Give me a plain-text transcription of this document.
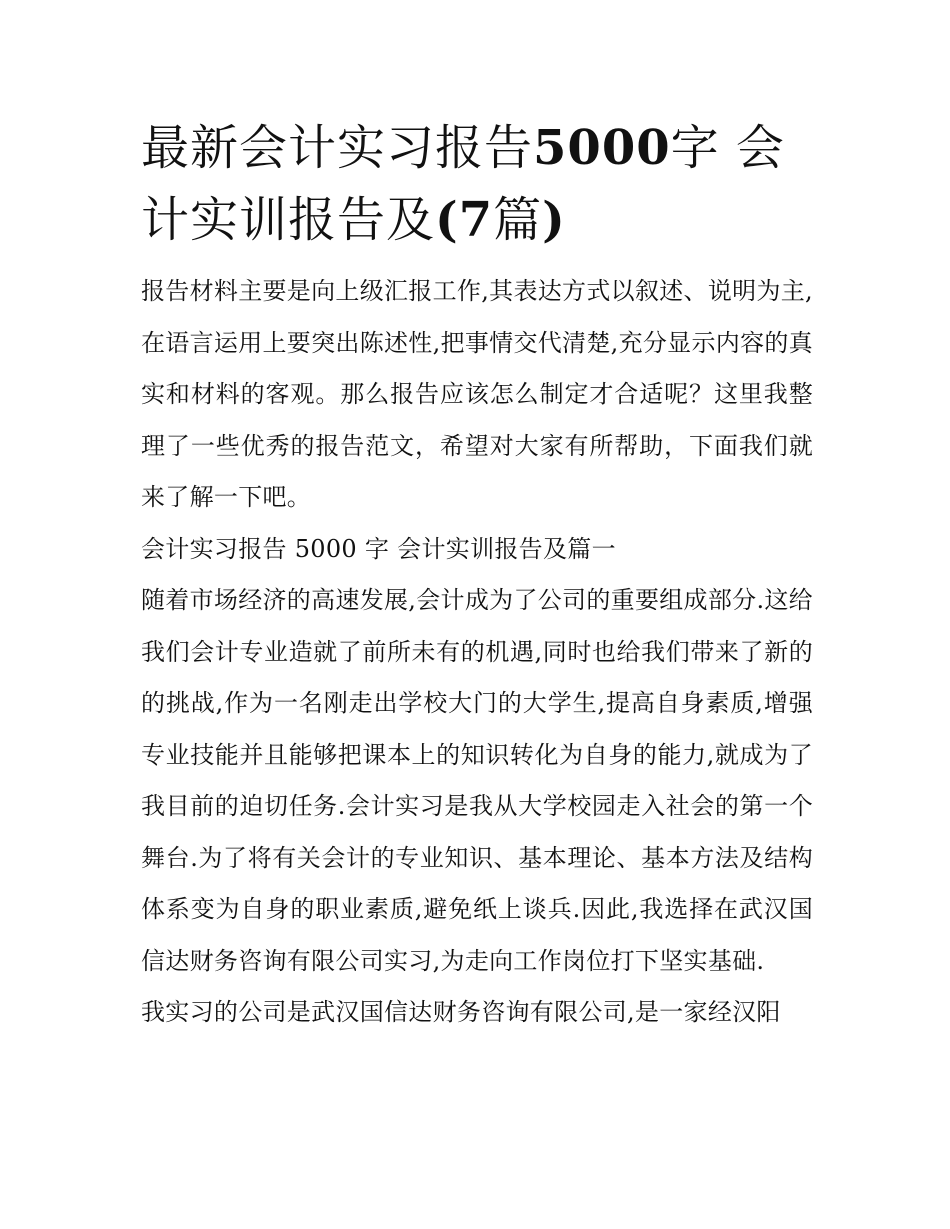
最新会计实习报告5000字 会计实训报告及(7篇)

报告材料主要是向上级汇报工作,其表达方式以叙述、说明为主,在语言运用上要突出陈述性,把事情交代清楚,充分显示内容的真实和材料的客观。那么报告应该怎么制定才合适呢？这里我整理了一些优秀的报告范文，希望对大家有所帮助，下面我们就来了解一下吧。

会计实习报告 5000 字 会计实训报告及篇一

随着市场经济的高速发展,会计成为了公司的重要组成部分.这给我们会计专业造就了前所未有的机遇,同时也给我们带来了新的的挑战,作为一名刚走出学校大门的大学生,提高自身素质,增强专业技能并且能够把课本上的知识转化为自身的能力,就成为了我目前的迫切任务.会计实习是我从大学校园走入社会的第一个舞台.为了将有关会计的专业知识、基本理论、基本方法及结构体系变为自身的职业素质,避免纸上谈兵.因此,我选择在武汉国信达财务咨询有限公司实习,为走向工作岗位打下坚实基础.

我实习的公司是武汉国信达财务咨询有限公司,是一家经汉阳
